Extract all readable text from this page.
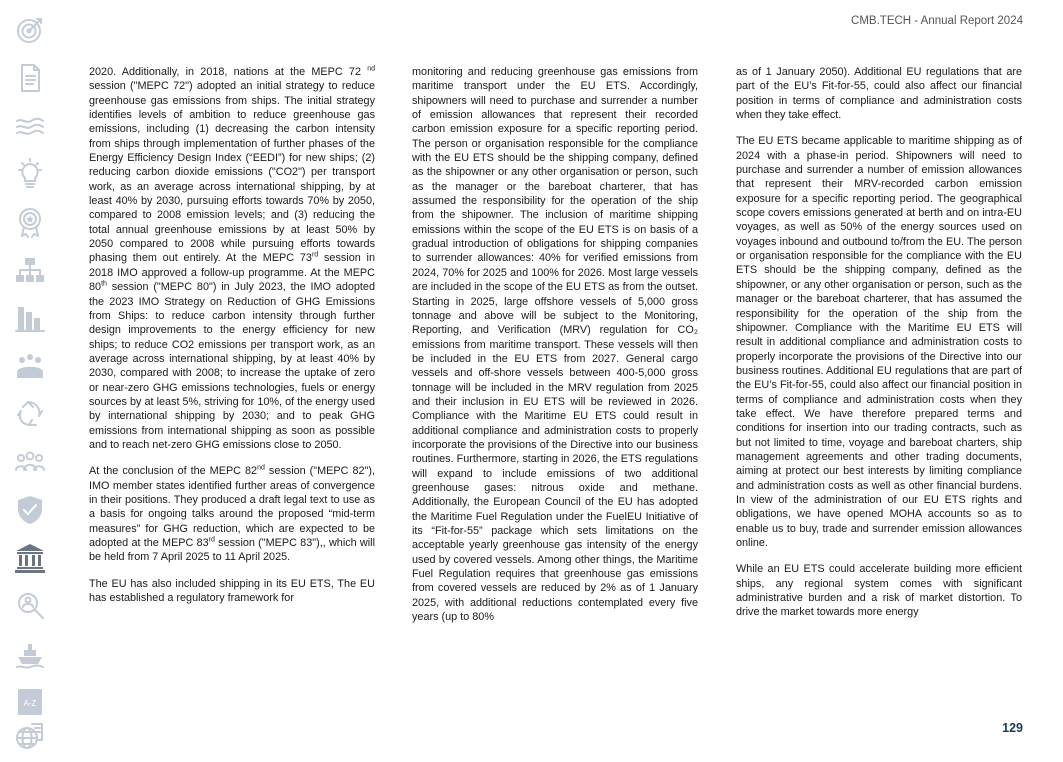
CMB.TECH - Annual Report 2024
A-Z

2020. Additionally, in 2018, nations at the MEPC 72 $^{nd}$ session ("MEPC 72") adopted an initial strategy to reduce greenhouse gas emissions from ships. The initial strategy identifies levels of ambition to reduce greenhouse gas emissions, including (1) decreasing the carbon intensity from ships through implementation of further phases of the Energy Efficiency Design Index (“EEDI”) for new ships; (2) reducing carbon dioxide emissions ("CO2") per transport work, as an average across international shipping, by at least 40% by 2030, pursuing efforts towards 70% by 2050, compared to 2008 emission levels; and (3) reducing the total annual greenhouse emissions by at least 50% by 2050 compared to 2008 while pursuing efforts towards phasing them out entirely. At the MEPC 73rd session in 2018 IMO approved a follow-up programme. At the MEPC 80th session ("MEPC 80") in July 2023, the IMO adopted the 2023 IMO Strategy on Reduction of GHG Emissions from Ships: to reduce carbon intensity through further design improvements to the energy efficiency for new ships; to reduce CO2 emissions per transport work, as an average across international shipping, by at least 40% by 2030, compared with 2008; to increase the uptake of zero or near-zero GHG emissions technologies, fuels or energy sources by at least 5%, striving for 10%, of the energy used by international shipping by 2030; and to peak GHG emissions from international shipping as soon as possible and to reach net-zero GHG emissions close to 2050.

At the conclusion of the MEPC 82nd session ("MEPC 82"), IMO member states identified further areas of convergence in their positions. They produced a draft legal text to use as a basis for ongoing talks around the proposed “mid-term measures” for GHG reduction, which are expected to be adopted at the MEPC 83rd session ("MEPC 83"),, which will be held from 7 April 2025 to 11 April 2025.

The EU has also included shipping in its EU ETS, The EU has established a regulatory framework for

monitoring and reducing greenhouse gas emissions from maritime transport under the EU ETS. Accordingly, shipowners will need to purchase and surrender a number of emission allowances that represent their recorded carbon emission exposure for a specific reporting period. The person or organisation responsible for the compliance with the EU ETS should be the shipping company, defined as the shipowner or any other organisation or person, such as the manager or the bareboat charterer, that has assumed the responsibility for the operation of the ship from the shipowner. The inclusion of maritime shipping emissions within the scope of the EU ETS is on basis of a gradual introduction of obligations for shipping companies to surrender allowances: 40% for verified emissions from 2024, 70% for 2025 and 100% for 2026. Most large vessels are included in the scope of the EU ETS as from the outset. Starting in 2025, large offshore vessels of 5,000 gross tonnage and above will be subject to the Monitoring, Reporting, and Verification (MRV) regulation for CO₂ emissions from maritime transport. These vessels will then be included in the EU ETS from 2027. General cargo vessels and off-shore vessels between 400-5,000 gross tonnage will be included in the MRV regulation from 2025 and their inclusion in EU ETS will be reviewed in 2026. Compliance with the Maritime EU ETS could result in additional compliance and administration costs to properly incorporate the provisions of the Directive into our business routines. Furthermore, starting in 2026, the ETS regulations will expand to include emissions of two additional greenhouse gases: nitrous oxide and methane. Additionally, the European Council of the EU has adopted the Maritime Fuel Regulation under the FuelEU Initiative of its “Fit-for-55” package which sets limitations on the acceptable yearly greenhouse gas intensity of the energy used by covered vessels. Among other things, the Maritime Fuel Regulation requires that greenhouse gas emissions from covered vessels are reduced by 2% as of 1 January 2025, with additional reductions contemplated every five years (up to 80%

as of 1 January 2050). Additional EU regulations that are part of the EU’s Fit-for-55, could also affect our financial position in terms of compliance and administration costs when they take effect.

The EU ETS became applicable to maritime shipping as of 2024 with a phase-in period. Shipowners will need to purchase and surrender a number of emission allowances that represent their MRV-recorded carbon emission exposure for a specific reporting period. The geographical scope covers emissions generated at berth and on intra-EU voyages, as well as 50% of the energy sources used on voyages inbound and outbound to/from the EU. The person or organisation responsible for the compliance with the EU ETS should be the shipping company, defined as the shipowner, or any other organisation or person, such as the manager or the bareboat charterer, that has assumed the responsibility for the operation of the ship from the shipowner. Compliance with the Maritime EU ETS will result in additional compliance and administration costs to properly incorporate the provisions of the Directive into our business routines. Additional EU regulations that are part of the EU’s Fit-for-55, could also affect our financial position in terms of compliance and administration costs when they take effect. We have therefore prepared terms and conditions for insertion into our trading contracts, such as but not limited to time, voyage and bareboat charters, ship management agreements and other trading documents, aiming at protect our best interests by limiting compliance and administration costs as well as other financial burdens. In view of the administration of our EU ETS rights and obligations, we have opened MOHA accounts so as to enable us to buy, trade and surrender emission allowances online.

While an EU ETS could accelerate building more efficient ships, any regional system comes with significant administrative burden and a risk of market distortion. To drive the market towards more energy

129
